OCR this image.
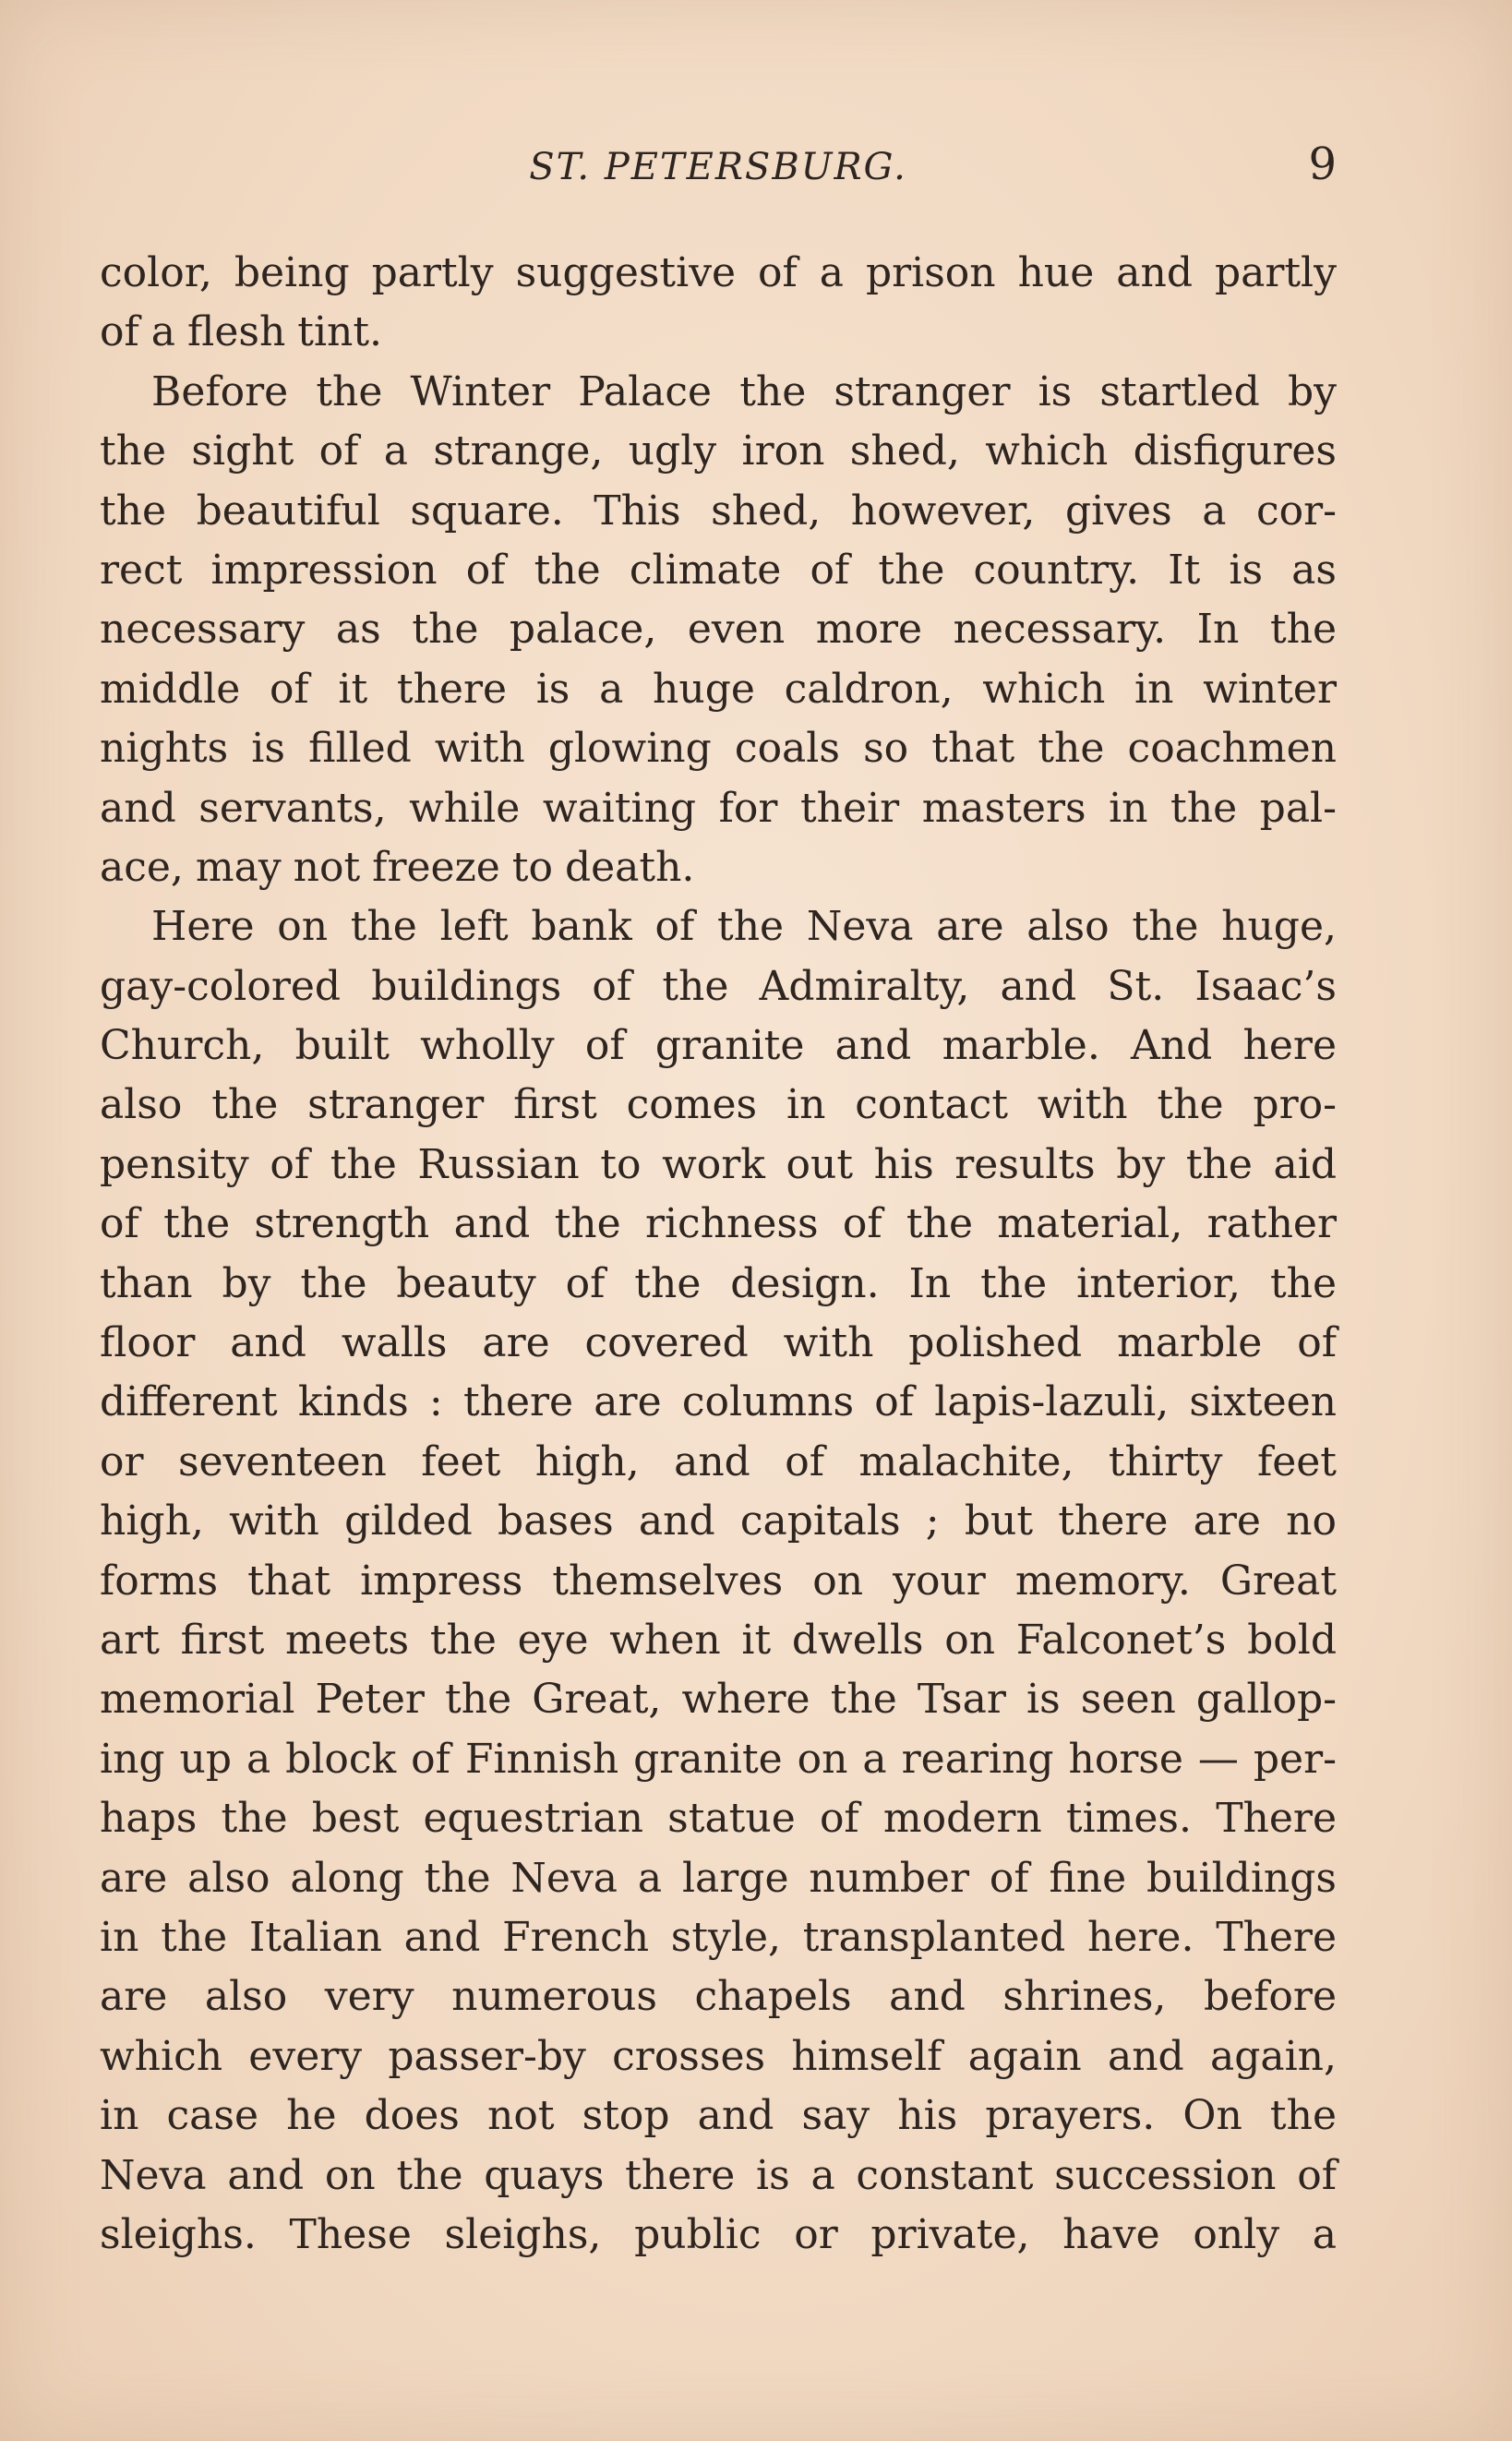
ST. PETERSBURG.	9
color, being partly suggestive of a prison hue and partly
of a flesh tint.
Before the Winter Palace the stranger is startled by
the sight of a strange, ugly iron shed, which disfigures
the beautiful square. This shed, however, gives a cor-
rect impression of the climate of the country. It is as
necessary as the palace, even more necessary. In the
middle of it there is a huge caldron, which in winter
nights is filled with glowing coals so that the coachmen
and servants, while waiting for their masters in the pal-
ace, may not freeze to death.
Here on the left bank of the Neva are also the huge,
gay-colored buildings of the Admiralty, and St. Isaac’s
Church, built wholly of granite and marble. And here
also the stranger first comes in contact with the pro-
pensity of the Russian to work out his results by the aid
of the strength and the richness of the material, rather
than by the beauty of the design. In the interior, the
floor and walls are covered with polished marble of
different kinds : there are columns of lapis-lazuli, sixteen
or seventeen feet high, and of malachite, thirty feet
high, with gilded bases and capitals ; but there are no
forms that impress themselves on your memory. Great
art first meets the eye when it dwells on Falconet’s bold
memorial Peter the Great, where the Tsar is seen gallop-
ing up a block of Finnish granite on a rearing horse — per-
haps the best equestrian statue of modern times. There
are also along the Neva a large number of fine buildings
in the Italian and French style, transplanted here. There
are also very numerous chapels and shrines, before
which every passer-by crosses himself again and again,
in case he does not stop and say his prayers. On the
Neva and on the quays there is a constant succession of
sleighs. These sleighs, public or private, have only a
